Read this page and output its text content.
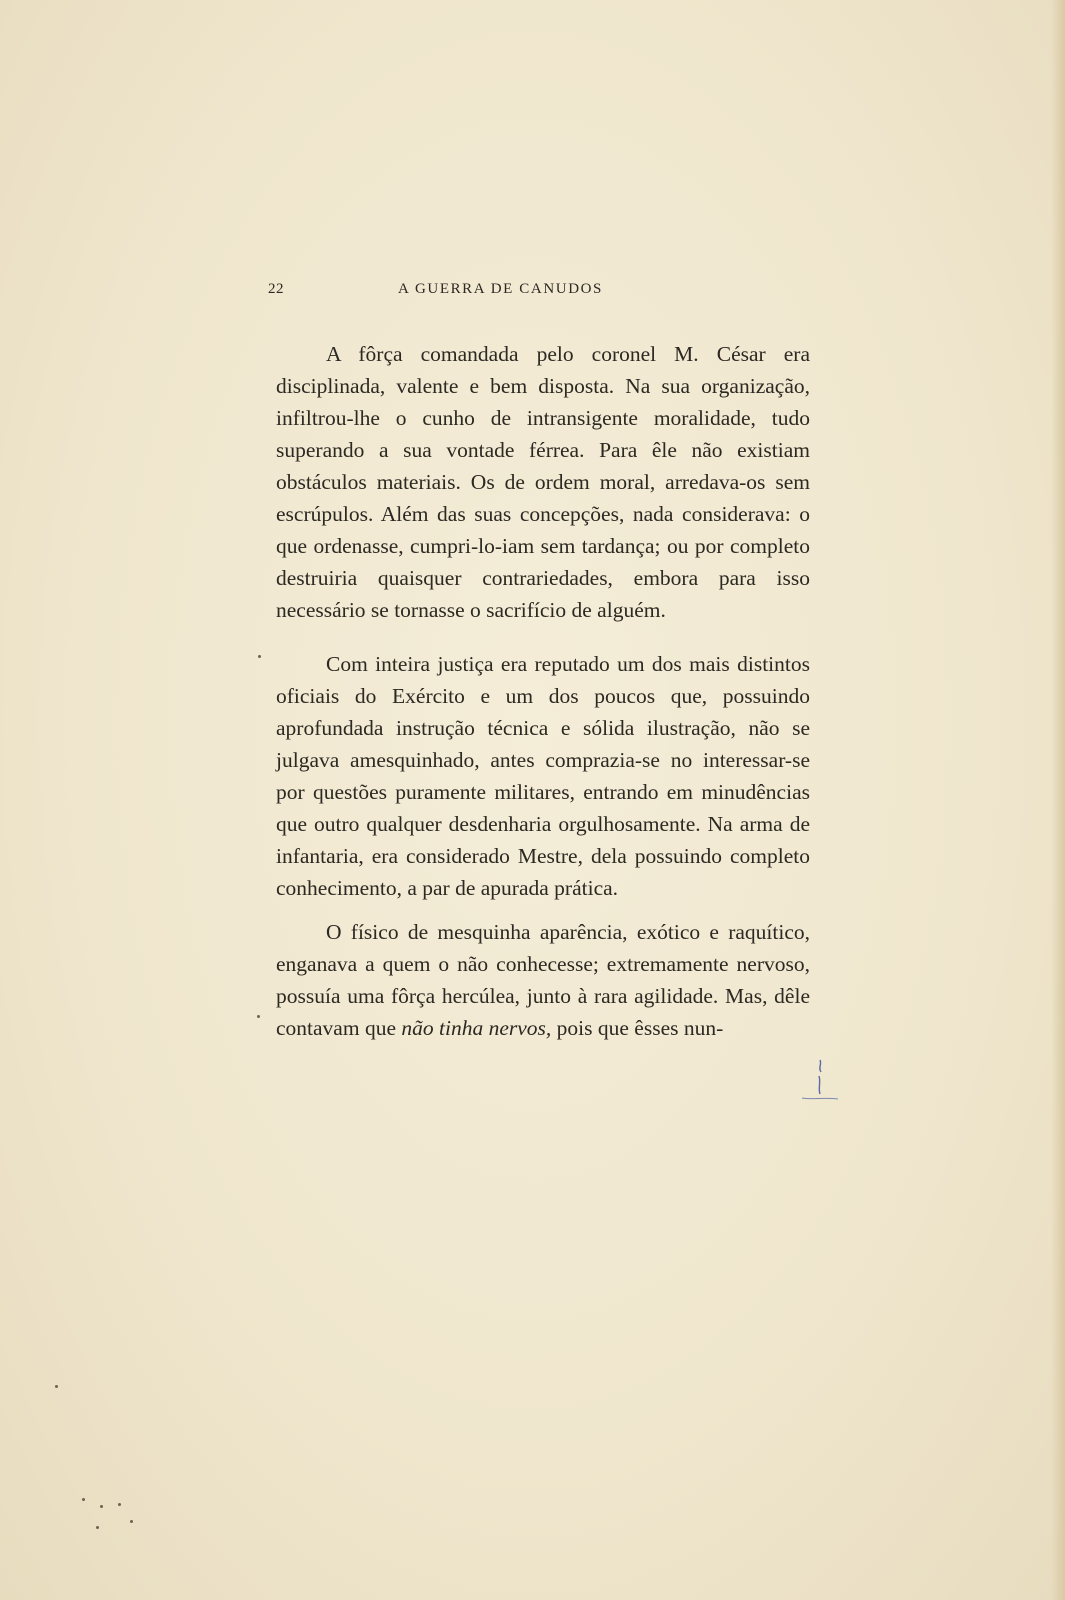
22	A GUERRA DE CANUDOS

A fôrça comandada pelo coronel M. César era disciplinada, valente e bem disposta. Na sua organização, infiltrou-lhe o cunho de intransigente moralidade, tudo superando a sua vontade férrea. Para êle não existiam obstáculos materiais. Os de ordem moral, arredava-os sem escrúpulos. Além das suas concepções, nada considerava: o que ordenasse, cumpri-lo-iam sem tardança; ou por completo destruiria quaisquer contrariedades, embora para isso necessário se tornasse o sacrifício de alguém.

Com inteira justiça era reputado um dos mais distintos oficiais do Exército e um dos poucos que, possuindo aprofundada instrução técnica e sólida ilustração, não se julgava amesquinhado, antes comprazia-se no interessar-se por questões puramente militares, entrando em minudências que outro qualquer desdenharia orgulhosamente. Na arma de infantaria, era considerado Mestre, dela possuindo completo conhecimento, a par de apurada prática.

O físico de mesquinha aparência, exótico e raquítico, enganava a quem o não conhecesse; extremamente nervoso, possuía uma fôrça hercúlea, junto à rara agilidade. Mas, dêle contavam que não tinha nervos, pois que êsses nun-
